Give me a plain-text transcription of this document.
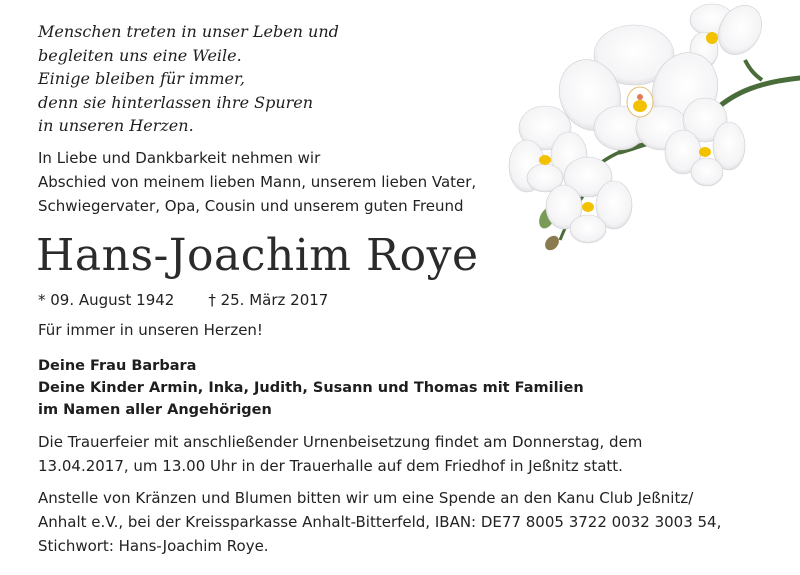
Menschen treten in unser Leben und
begleiten uns eine Weile.
Einige bleiben für immer,
denn sie hinterlassen ihre Spuren
in unseren Herzen.
In Liebe und Dankbarkeit nehmen wir
Abschied von meinem lieben Mann, unserem lieben Vater,
Schwiegervater, Opa, Cousin und unserem guten Freund
Hans-Joachim Roye
* 09. August 1942 † 25. März 2017
Für immer in unseren Herzen!
Deine Frau Barbara
Deine Kinder Armin, Inka, Judith, Susann und Thomas mit Familien
im Namen aller Angehörigen
Die Trauerfeier mit anschließender Urnenbeisetzung findet am Donnerstag, dem
13.04.2017, um 13.00 Uhr in der Trauerhalle auf dem Friedhof in Jeßnitz statt.
Anstelle von Kränzen und Blumen bitten wir um eine Spende an den Kanu Club Jeßnitz/
Anhalt e.V., bei der Kreissparkasse Anhalt-Bitterfeld, IBAN: DE77 8005 3722 0032 3003 54,
Stichwort: Hans-Joachim Roye.
